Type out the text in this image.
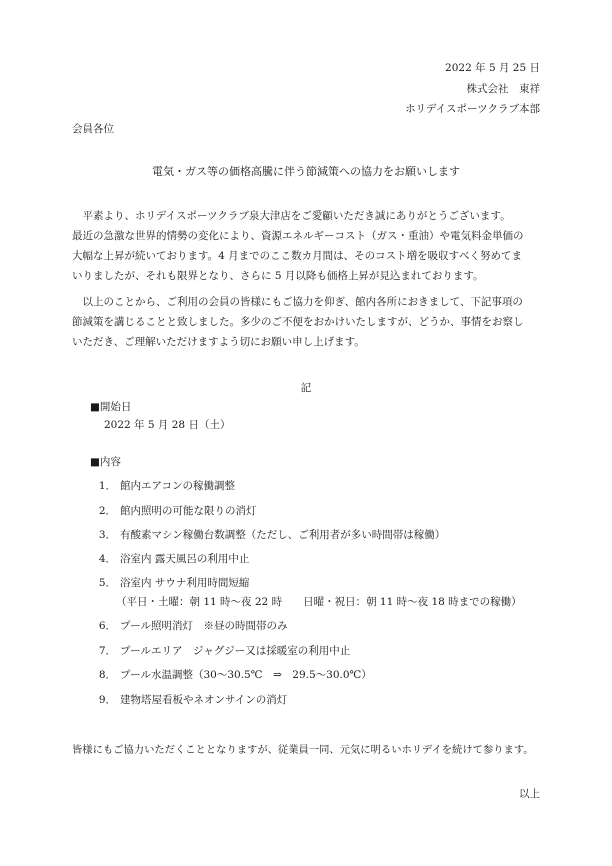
2022 年 5 月 25 日
株式会社　東祥
ホリデイスポーツクラブ本部
会員各位
電気・ガス等の価格高騰に伴う節減策への協力をお願いします

　平素より、ホリデイスポーツクラブ泉大津店をご愛顧いただき誠にありがとうございます。

最近の急激な世界的情勢の変化により、資源エネルギーコスト（ガス・重油）や電気料金単価の

大幅な上昇が続いております。4 月までのここ数カ月間は、そのコスト増を吸収すべく努めてま

いりましたが、それも限界となり、さらに 5 月以降も価格上昇が見込まれております。

　以上のことから、ご利用の会員の皆様にもご協力を仰ぎ、館内各所におきまして、下記事項の

節減策を講じることと致しました。多少のご不便をおかけいたしますが、どうか、事情をお察し

いただき、ご理解いただけますよう切にお願い申し上げます。

記
■開始日
2022 年 5 月 28 日（土）
■内容
1． 館内エアコンの稼働調整
2． 館内照明の可能な限りの消灯
3． 有酸素マシン稼働台数調整（ただし、ご利用者が多い時間帯は稼働）
4． 浴室内 露天風呂の利用中止
5． 浴室内 サウナ利用時間短縮
（平日・土曜：朝 11 時～夜 22 時　　日曜・祝日：朝 11 時～夜 18 時までの稼働）
6． プール照明消灯　※昼の時間帯のみ
7． プールエリア　ジャグジー又は採暖室の利用中止
8． プール水温調整（30～30.5℃　⇒　29.5～30.0℃）
9． 建物塔屋看板やネオンサインの消灯
皆様にもご協力いただくこととなりますが、従業員一同、元気に明るいホリデイを続けて参ります。
以上
